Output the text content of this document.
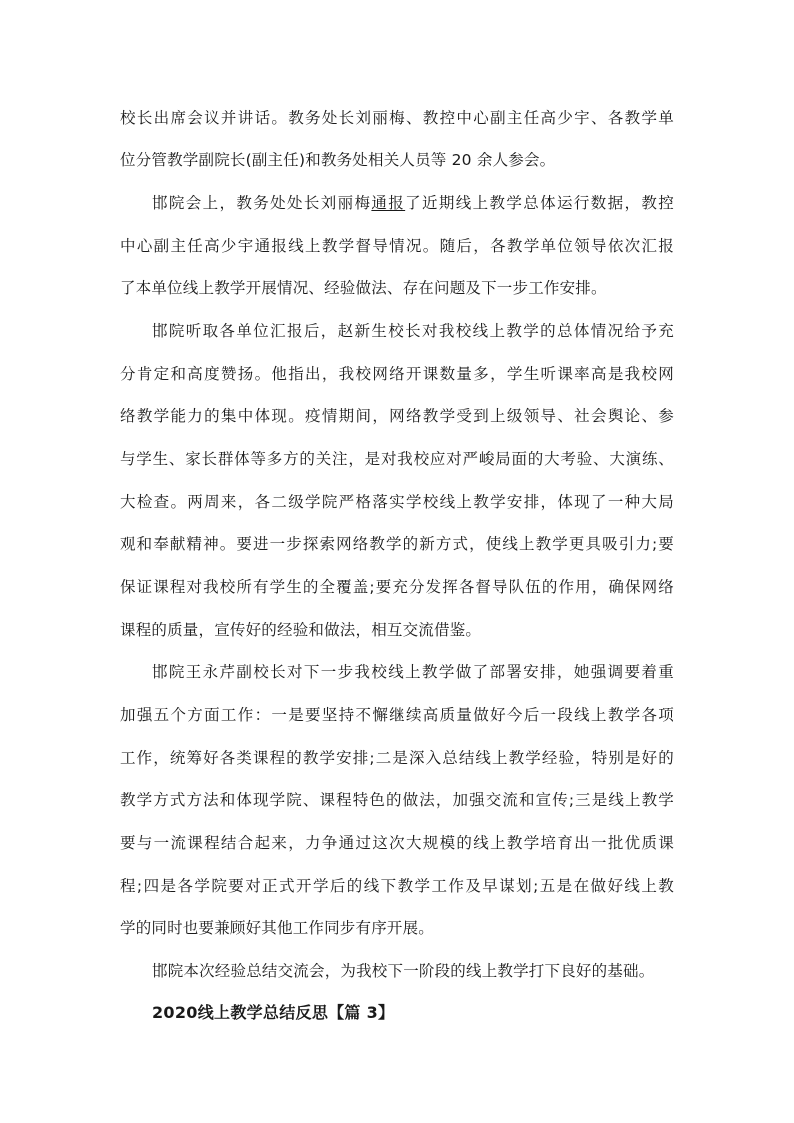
校长出席会议并讲话。教务处长刘丽梅、教控中心副主任高少宇、各教学单
位分管教学副院长(副主任)和教务处相关人员等 20 余人参会。
邯院会上，教务处处长刘丽梅通报了近期线上教学总体运行数据，教控
中心副主任高少宇通报线上教学督导情况。随后，各教学单位领导依次汇报
了本单位线上教学开展情况、经验做法、存在问题及下一步工作安排。
邯院听取各单位汇报后，赵新生校长对我校线上教学的总体情况给予充
分肯定和高度赞扬。他指出，我校网络开课数量多，学生听课率高是我校网
络教学能力的集中体现。疫情期间，网络教学受到上级领导、社会舆论、参
与学生、家长群体等多方的关注，是对我校应对严峻局面的大考验、大演练、
大检查。两周来，各二级学院严格落实学校线上教学安排，体现了一种大局
观和奉献精神。要进一步探索网络教学的新方式，使线上教学更具吸引力;要
保证课程对我校所有学生的全覆盖;要充分发挥各督导队伍的作用，确保网络
课程的质量，宣传好的经验和做法，相互交流借鉴。
邯院王永芹副校长对下一步我校线上教学做了部署安排，她强调要着重
加强五个方面工作：一是要坚持不懈继续高质量做好今后一段线上教学各项
工作，统筹好各类课程的教学安排;二是深入总结线上教学经验，特别是好的
教学方式方法和体现学院、课程特色的做法，加强交流和宣传;三是线上教学
要与一流课程结合起来，力争通过这次大规模的线上教学培育出一批优质课
程;四是各学院要对正式开学后的线下教学工作及早谋划;五是在做好线上教
学的同时也要兼顾好其他工作同步有序开展。
邯院本次经验总结交流会，为我校下一阶段的线上教学打下良好的基础。
2020线上教学总结反思【篇 3】
